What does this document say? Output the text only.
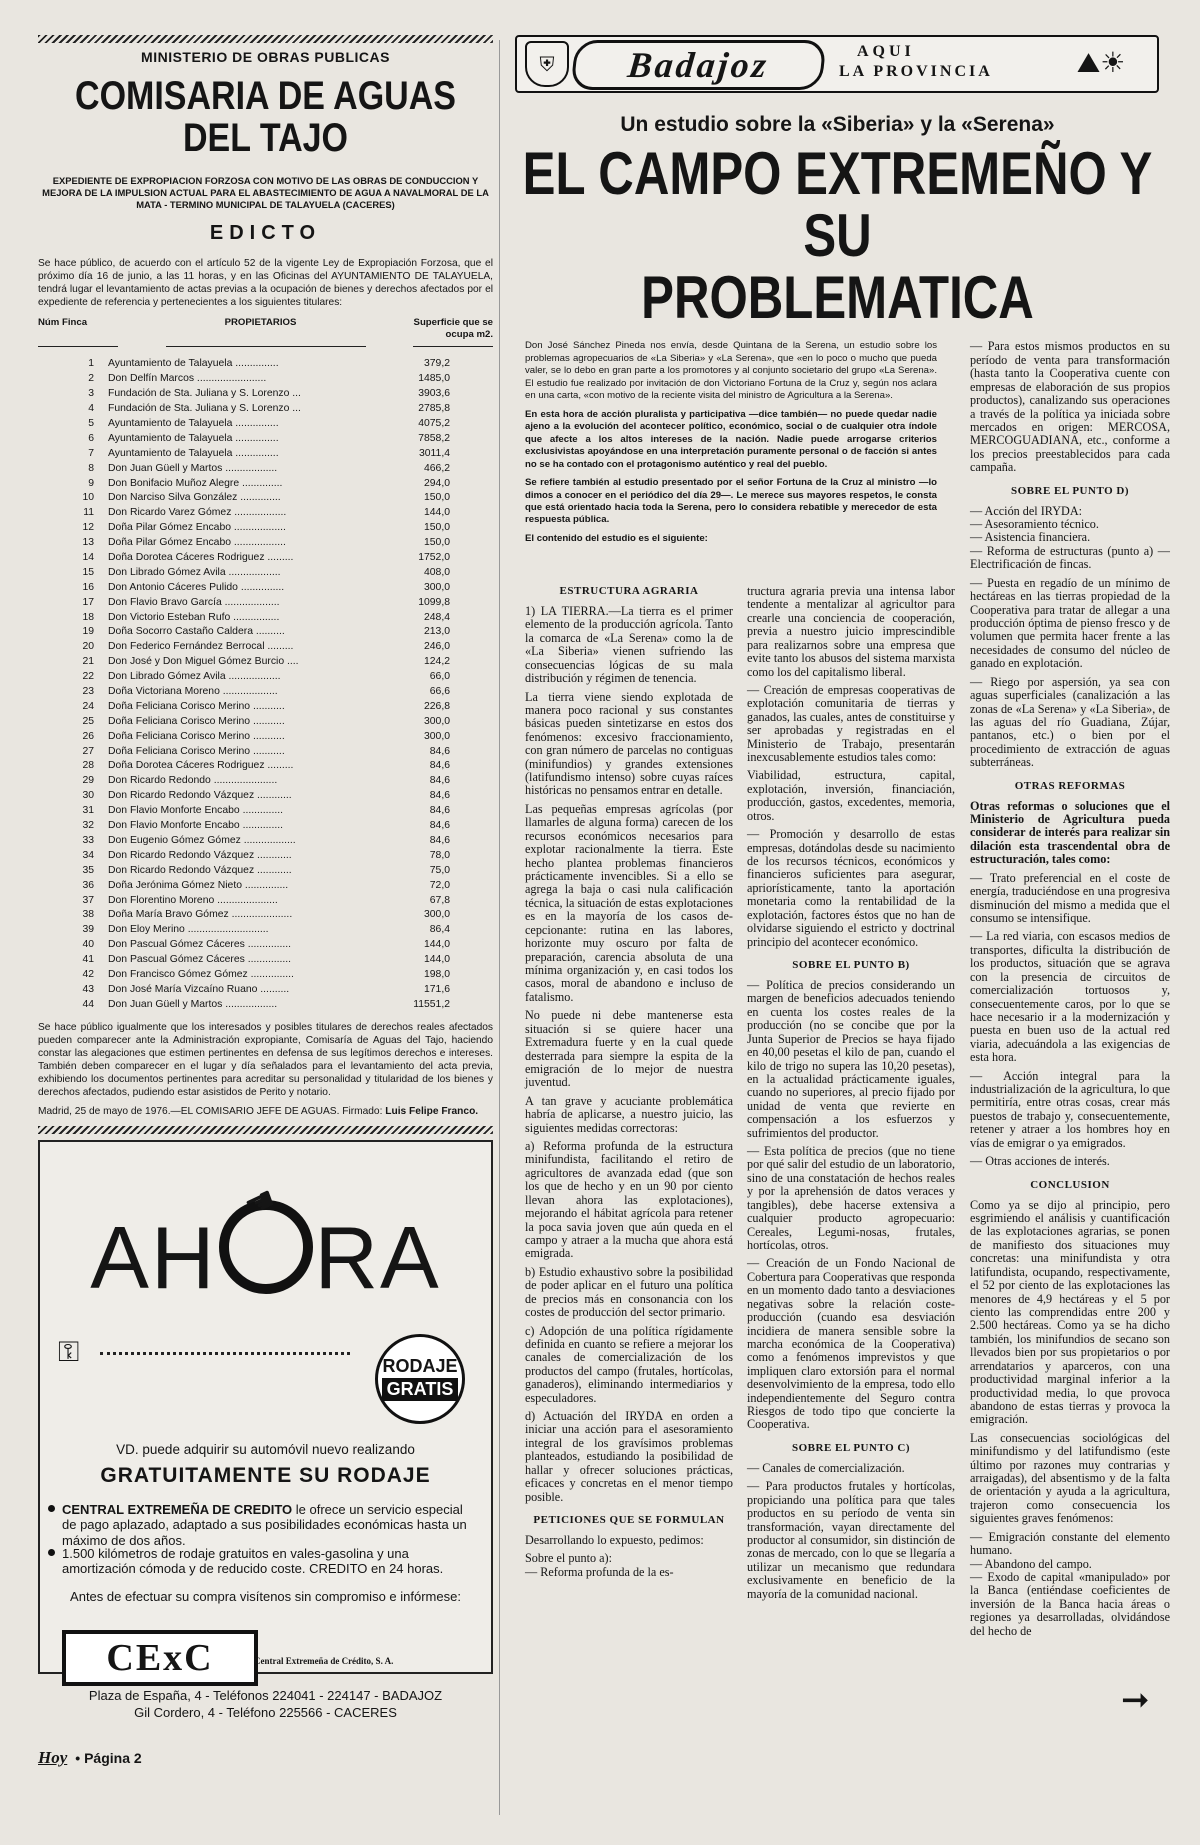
MINISTERIO DE OBRAS PUBLICAS
COMISARIA DE AGUAS
DEL TAJO
EXPEDIENTE DE EXPROPIACION FORZOSA CON MOTIVO DE LAS OBRAS DE CONDUCCION Y MEJORA DE LA IMPULSION ACTUAL PARA EL ABASTECIMIENTO DE AGUA A NAVALMORAL DE LA MATA - TERMINO MUNICIPAL DE TALAYUELA (CACERES)
EDICTO
Se hace público, de acuerdo con el artículo 52 de la vigente Ley de Expropiación Forzosa, que el próximo día 16 de junio, a las 11 horas, y en las Oficinas del AYUNTAMIENTO DE TALAYUELA, tendrá lugar el levantamiento de actas previas a la ocupación de bienes y derechos afectados por el expediente de referencia y pertenecientes a los siguientes titulares:
Núm Finca	PROPIETARIOS	Superficie que se ocupa m2.
1	Ayuntamiento de Talayuela ...............	379,2
2	Don Delfín Marcos ........................	1485,0
3	Fundación de Sta. Juliana y S. Lorenzo ...	3903,6
4	Fundación de Sta. Juliana y S. Lorenzo ...	2785,8
5	Ayuntamiento de Talayuela ...............	4075,2
6	Ayuntamiento de Talayuela ...............	7858,2
7	Ayuntamiento de Talayuela ...............	3011,4
8	Don Juan Güell y Martos ..................	466,2
9	Don Bonifacio Muñoz Alegre ..............	294,0
10	Don Narciso Silva González ..............	150,0
11	Don Ricardo Varez Gómez ..................	144,0
12	Doña Pilar Gómez Encabo ..................	150,0
13	Doña Pilar Gómez Encabo ..................	150,0
14	Doña Dorotea Cáceres Rodriguez .........	1752,0
15	Don Librado Gómez Avila ..................	408,0
16	Don Antonio Cáceres Pulido ...............	300,0
17	Don Flavio Bravo García ...................	1099,8
18	Don Victorio Esteban Rufo ................	248,4
19	Doña Socorro Castaño Caldera ..........	213,0
20	Don Federico Fernández Berrocal .........	246,0
21	Don José y Don Miguel Gómez Burcio ....	124,2
22	Don Librado Gómez Avila ..................	66,0
23	Doña Victoriana Moreno ...................	66,6
24	Doña Feliciana Corisco Merino ...........	226,8
25	Doña Feliciana Corisco Merino ...........	300,0
26	Doña Feliciana Corisco Merino ...........	300,0
27	Doña Feliciana Corisco Merino ...........	84,6
28	Doña Dorotea Cáceres Rodriguez .........	84,6
29	Don Ricardo Redondo ......................	84,6
30	Don Ricardo Redondo Vázquez ............	84,6
31	Don Flavio Monforte Encabo ..............	84,6
32	Don Flavio Monforte Encabo ..............	84,6
33	Don Eugenio Gómez Gómez ..................	84,6
34	Don Ricardo Redondo Vázquez ............	78,0
35	Don Ricardo Redondo Vázquez ............	75,0
36	Doña Jerónima Gómez Nieto ...............	72,0
37	Don Florentino Moreno .....................	67,8
38	Doña María Bravo Gómez .....................	300,0
39	Don Eloy Merino ............................	86,4
40	Don Pascual Gómez Cáceres ...............	144,0
41	Don Pascual Gómez Cáceres ...............	144,0
42	Don Francisco Gómez Gómez ...............	198,0
43	Don José María Vizcaíno Ruano ..........	171,6
44	Don Juan Güell y Martos ..................	11551,2
Se hace público igualmente que los interesados y posibles titulares de derechos reales afectados pueden comparecer ante la Administración expropiante, Comisaría de Aguas del Tajo, haciendo constar las alegaciones que estimen pertinentes en defensa de sus legítimos derechos e intereses. También deben comparecer en el lugar y día señalados para el levantamiento del acta previa, exhibiendo los documentos pertinentes para acreditar su personalidad y titularidad de los bienes y derechos afectados, pudiendo estar asistidos de Perito y notario.
Madrid, 25 de mayo de 1976.—EL COMISARIO JEFE DE AGUAS. Firmado: Luis Felipe Franco.
☚
AH RA
⚿	RODAJE
GRATIS
VD. puede adquirir su automóvil nuevo realizando
GRATUITAMENTE SU RODAJE
CENTRAL EXTREMEÑA DE CREDITO le ofrece un servicio especial de pago aplazado, adaptado a sus posibilidades económicas hasta un máximo de dos años.
1.500 kilómetros de rodaje gratuitos en vales-gasolina y una amortización cómoda y de reducido coste. CREDITO en 24 horas.
Antes de efectuar su compra visítenos sin compromiso e infórmese:
CExC	Central Extremeña de Crédito, S. A.
Plaza de España, 4 - Teléfonos 224041 - 224147 - BADAJOZ
Gil Cordero, 4 - Teléfono 225566 - CACERES
Hoy • Página 2
⛨	Badajoz	AQUI
LA PROVINCIA	⛰☀
Un estudio sobre la «Siberia» y la «Serena»
EL CAMPO EXTREMEÑO Y SU
PROBLEMATICA

Don José Sánchez Pineda nos envía, desde Quintana de la Serena, un estudio sobre los problemas agropecuarios de «La Siberia» y «La Serena», que «en lo poco o mucho que pueda valer, se lo debo en gran parte a los promotores y al conjunto societario del grupo «La Serena». El estudio fue realizado por invitación de don Victoriano Fortuna de la Cruz y, según nos aclara en una carta, «con motivo de la reciente visita del ministro de Agricultura a la Serena».

En esta hora de acción pluralista y participativa —dice también— no puede quedar nadie ajeno a la evolución del acontecer político, económico, social o de cualquier otra índole que afecte a los altos intereses de la nación. Nadie puede arrogarse criterios exclusivistas apoyándose en una interpretación puramente personal o de facción si antes no se ha contado con el protagonismo auténtico y real del pueblo.

Se refiere también al estudio presentado por el señor Fortuna de la Cruz al ministro —lo dimos a conocer en el periódico del día 29—. Le merece sus mayores respetos, le consta que está orientado hacia toda la Serena, pero lo considera rebatible y merecedor de esta respuesta pública.

El contenido del estudio es el siguiente:

— Para estos mismos productos en su período de venta para transformación (hasta tanto la Cooperativa cuente con empresas de elaboración de sus propios productos), canalizando sus operaciones a través de la política ya iniciada sobre mercados en origen: MERCOSA, MERCOGUADIANA, etc., conforme a los precios preestablecidos para cada campaña.

SOBRE EL PUNTO D)

— Acción del IRYDA:

— Asesoramiento técnico.

— Asistencia financiera.

— Reforma de estructuras (punto a) — Electrificación de fincas.

— Puesta en regadío de un mínimo de hectáreas en las tierras propiedad de la Cooperativa para tratar de allegar a una producción óptima de pienso fresco y de volumen que permita hacer frente a las necesidades de consumo del núcleo de ganado en explotación.

— Riego por aspersión, ya sea con aguas superficiales (canalización a las zonas de «La Serena» y «La Siberia», de las aguas del río Guadiana, Zújar, pantanos, etc.) o bien por el procedimiento de extracción de aguas subterráneas.

OTRAS REFORMAS

Otras reformas o soluciones que el Ministerio de Agricultura pueda considerar de interés para realizar sin dilación esta trascendental obra de estructuración, tales como:

— Trato preferencial en el coste de energía, traduciéndose en una progresiva disminución del mismo a medida que el consumo se intensifique.

— La red viaria, con escasos medios de transportes, dificulta la distribución de los productos, situación que se agrava con la presencia de circuitos de comercialización tortuosos y, consecuentemente caros, por lo que se hace necesario ir a la modernización y puesta en buen uso de la actual red viaria, adecuándola a las exigencias de esta hora.

— Acción integral para la industrialización de la agricultura, lo que permitiría, entre otras cosas, crear más puestos de trabajo y, consecuentemente, retener y atraer a los hombres hoy en vías de emigrar o ya emigrados.

— Otras acciones de interés.

CONCLUSION

Como ya se dijo al principio, pero esgrimiendo el análisis y cuantificación de las explotaciones agrarias, se ponen de manifiesto dos situaciones muy concretas: una minifundista y otra latifundista, ocupando, respectivamente, el 52 por ciento de las explotaciones las menores de 4,9 hectáreas y el 5 por ciento las comprendidas entre 200 y 2.500 hectáreas. Como ya se ha dicho también, los minifundios de secano son llevados bien por sus propietarios o por arrendatarios y aparceros, con una productividad marginal inferior a la productividad media, lo que provoca abandono de estas tierras y provoca la emigración.

Las consecuencias sociológicas del minifundismo y del latifundismo (este último por razones muy contrarias y arraigadas), del absentismo y de la falta de orientación y ayuda a la agricultura, trajeron como consecuencia los siguientes graves fenómenos:

— Emigración constante del elemento humano.

— Abandono del campo.

— Exodo de capital «manipulado» por la Banca (entiéndase coeficientes de inversión de la Banca hacia áreas o regiones ya desarrolladas, olvidándose del hecho de

ESTRUCTURA AGRARIA

1) LA TIERRA.—La tierra es el primer elemento de la producción agrícola. Tanto la comarca de «La Serena» como la de «La Siberia» vienen sufriendo las consecuencias lógicas de su mala distribución y régimen de tenencia.

La tierra viene siendo explotada de manera poco racional y sus constantes básicas pueden sintetizarse en estos dos fenómenos: excesivo fraccionamiento, con gran número de parcelas no contiguas (minifundios) y grandes extensiones (latifundismo intenso) sobre cuyas raíces históricas no pensamos entrar en detalle.

Las pequeñas empresas agrícolas (por llamarles de alguna forma) carecen de los recursos económicos necesarios para explotar racionalmente la tierra. Este hecho plantea problemas financieros prácticamente invencibles. Si a ello se agrega la baja o casi nula calificación técnica, la situación de estas explotaciones es en la mayoría de los casos de-cepcionante: rutina en las labores, horizonte muy oscuro por falta de preparación, carencia absoluta de una mínima organización y, en casi todos los casos, moral de abandono e incluso de fatalismo.

No puede ni debe mantenerse esta situación si se quiere hacer una Extremadura fuerte y en la cual quede desterrada para siempre la espita de la emigración de lo mejor de nuestra juventud.

A tan grave y acuciante problemática habría de aplicarse, a nuestro juicio, las siguientes medidas correctoras:

a) Reforma profunda de la estructura minifundista, facilitando el retiro de agricultores de avanzada edad (que son los que de hecho y en un 90 por ciento llevan ahora las explotaciones), mejorando el hábitat agrícola para retener la poca savia joven que aún queda en el campo y atraer a la mucha que ahora está emigrada.

b) Estudio exhaustivo sobre la posibilidad de poder aplicar en el futuro una política de precios más en consonancia con los costes de producción del sector primario.

c) Adopción de una política rígidamente definida en cuanto se refiere a mejorar los canales de comercialización de los productos del campo (frutales, hortícolas, ganaderos), eliminando intermediarios y especuladores.

d) Actuación del IRYDA en orden a iniciar una acción para el asesoramiento integral de los gravísimos problemas planteados, estudiando la posibilidad de hallar y ofrecer soluciones prácticas, eficaces y concretas en el menor tiempo posible.

PETICIONES QUE SE FORMULAN

Desarrollando lo expuesto, pedimos:

Sobre el punto a):

— Reforma profunda de la es-

tructura agraria previa una intensa labor tendente a mentalizar al agricultor para crearle una conciencia de cooperación, previa a nuestro juicio imprescindible para realizarnos sobre una empresa que evite tanto los abusos del sistema marxista como los del capitalismo liberal.

— Creación de empresas cooperativas de explotación comunitaria de tierras y ganados, las cuales, antes de constituirse y ser aprobadas y registradas en el Ministerio de Trabajo, presentarán inexcusablemente estudios tales como:

Viabilidad, estructura, capital, explotación, inversión, financiación, producción, gastos, excedentes, memoria, otros.

— Promoción y desarrollo de estas empresas, dotándolas desde su nacimiento de los recursos técnicos, económicos y financieros suficientes para asegurar, apriorísticamente, tanto la aportación monetaria como la rentabilidad de la explotación, factores éstos que no han de olvidarse siguiendo el estricto y doctrinal principio del acontecer económico.

SOBRE EL PUNTO B)

— Política de precios considerando un margen de beneficios adecuados teniendo en cuenta los costes reales de la producción (no se concibe que por la Junta Superior de Precios se haya fijado en 40,00 pesetas el kilo de pan, cuando el kilo de trigo no supera las 10,20 pesetas), en la actualidad prácticamente iguales, cuando no superiores, al precio fijado por unidad de venta que revierte en compensación a los esfuerzos y sufrimientos del productor.

— Esta política de precios (que no tiene por qué salir del estudio de un laboratorio, sino de una constatación de hechos reales y por la aprehensión de datos veraces y tangibles), debe hacerse extensiva a cualquier producto agropecuario: Cereales, Legumi-nosas, frutales, hortícolas, otros.

— Creación de un Fondo Nacional de Cobertura para Cooperativas que responda en un momento dado tanto a desviaciones negativas sobre la relación coste-producción (cuando esa desviación incidiera de manera sensible sobre la marcha económica de la Cooperativa) como a fenómenos imprevistos y que impliquen claro extorsión para el normal desenvolvimiento de la empresa, todo ello independientemente del Seguro contra Riesgos de todo tipo que concierte la Cooperativa.

SOBRE EL PUNTO C)

— Canales de comercialización.

— Para productos frutales y hortícolas, propiciando una política para que tales productos en su período de venta sin transformación, vayan directamente del productor al consumidor, sin distinción de zonas de mercado, con lo que se llegaría a utilizar un mecanismo que redundara exclusivamente en beneficio de la mayoría de la comunidad nacional.

➞
